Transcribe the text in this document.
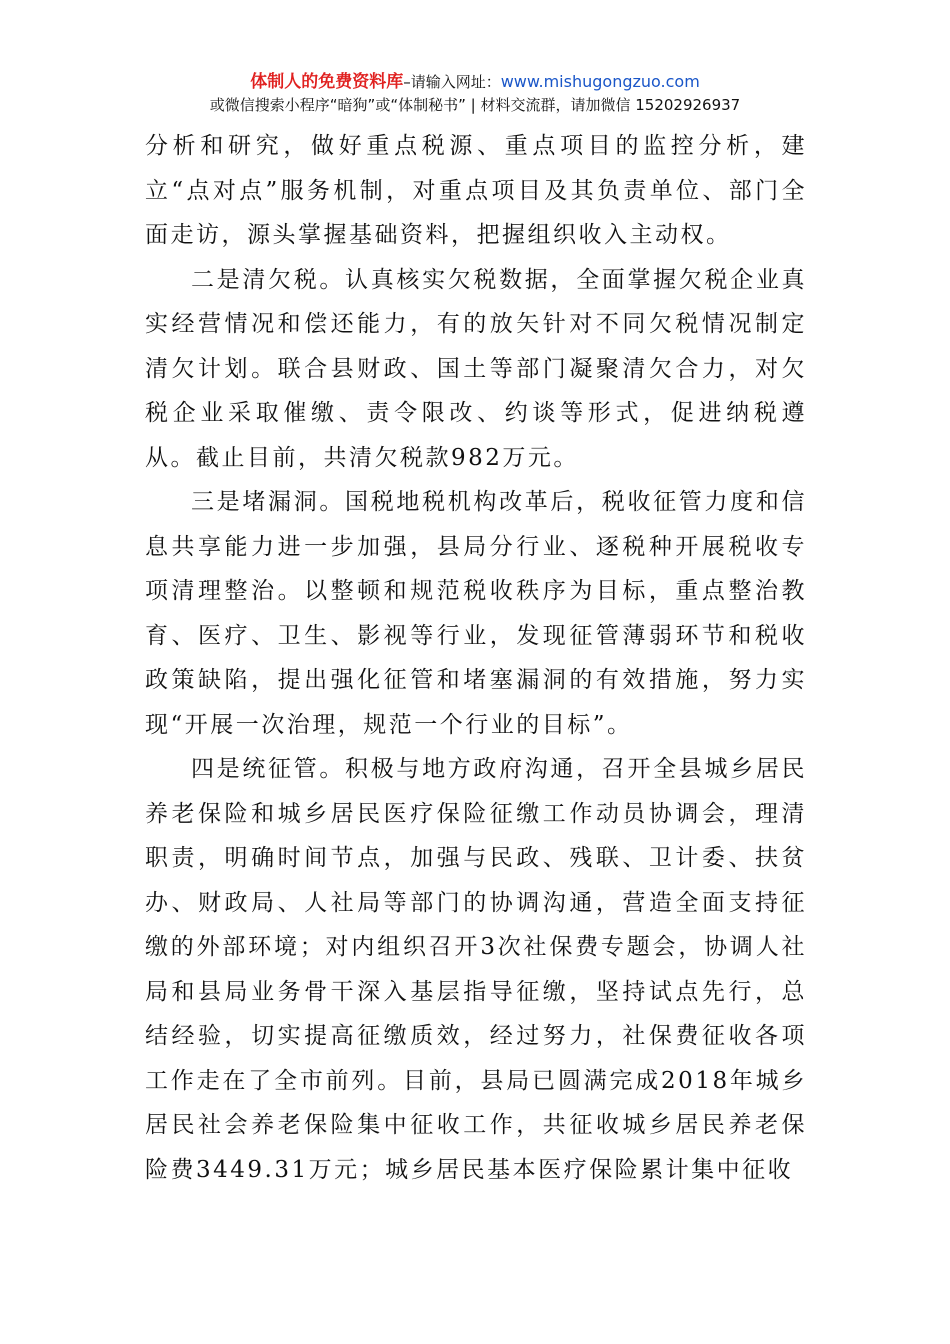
体制人的免费资料库–请输入网址：www.mishugongzuo.com
或微信搜索小程序“暗狗”或“体制秘书” | 材料交流群，请加微信 15202926937

分析和研究，做好重点税源、重点项目的监控分析，建立“点对点”服务机制，对重点项目及其负责单位、部门全面走访，源头掌握基础资料，把握组织收入主动权。

二是清欠税。认真核实欠税数据，全面掌握欠税企业真实经营情况和偿还能力，有的放矢针对不同欠税情况制定清欠计划。联合县财政、国土等部门凝聚清欠合力，对欠税企业采取催缴、责令限改、约谈等形式，促进纳税遵从。截止目前，共清欠税款982万元。

三是堵漏洞。国税地税机构改革后，税收征管力度和信息共享能力进一步加强，县局分行业、逐税种开展税收专项清理整治。以整顿和规范税收秩序为目标，重点整治教育、医疗、卫生、影视等行业，发现征管薄弱环节和税收政策缺陷，提出强化征管和堵塞漏洞的有效措施，努力实现“开展一次治理，规范一个行业的目标”。

四是统征管。积极与地方政府沟通，召开全县城乡居民养老保险和城乡居民医疗保险征缴工作动员协调会，理清职责，明确时间节点，加强与民政、残联、卫计委、扶贫办、财政局、人社局等部门的协调沟通，营造全面支持征缴的外部环境；对内组织召开3次社保费专题会，协调人社局和县局业务骨干深入基层指导征缴，坚持试点先行，总结经验，切实提高征缴质效，经过努力，社保费征收各项工作走在了全市前列。目前，县局已圆满完成2018年城乡居民社会养老保险集中征收工作，共征收城乡居民养老保险费3449.31万元；城乡居民基本医疗保险累计集中征收
